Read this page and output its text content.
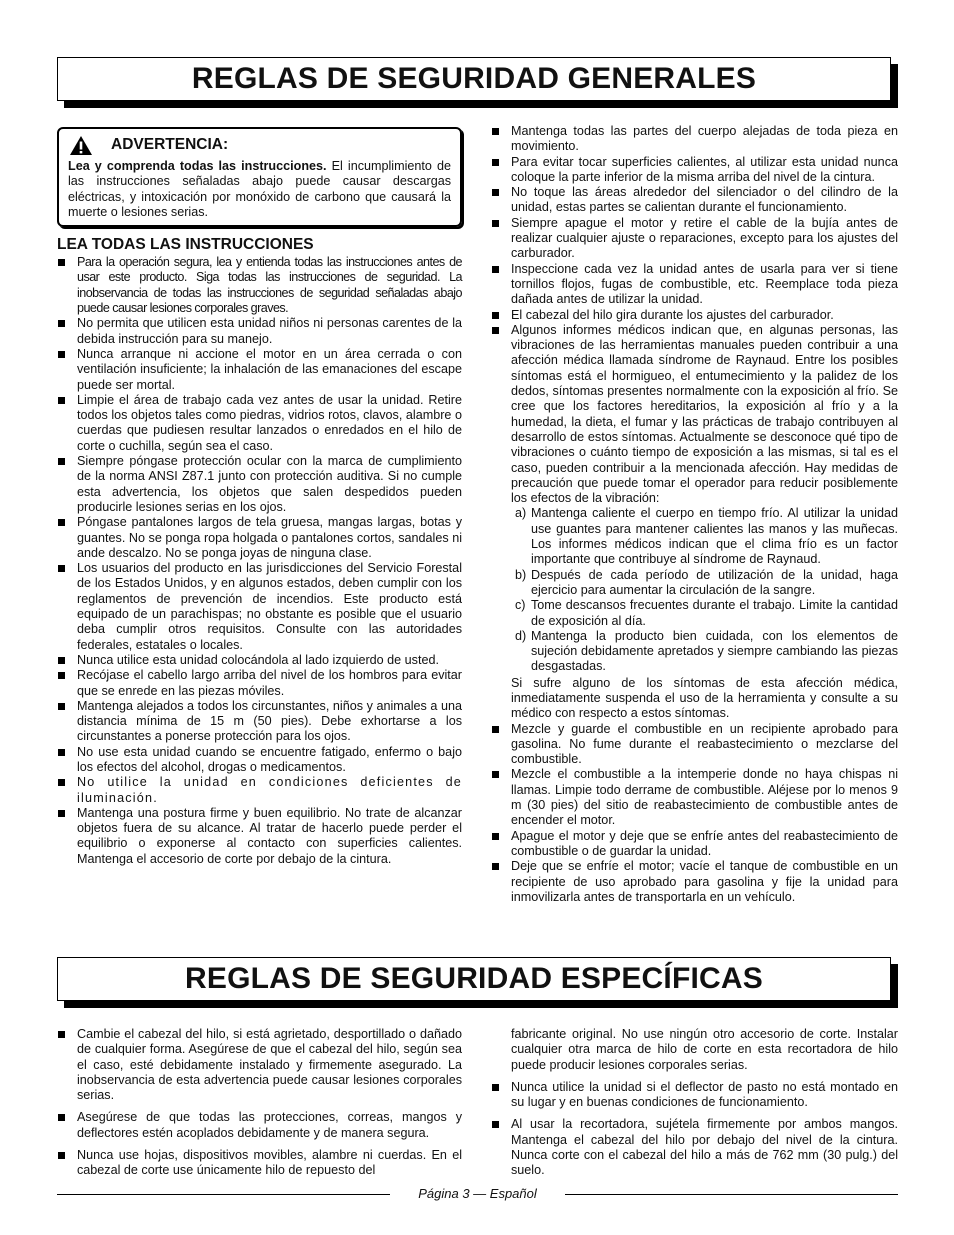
REGLAS DE SEGURIDAD GENERALES
ADVERTENCIA:

Lea y comprenda todas las instrucciones. El incumplimiento de las instrucciones señaladas abajo puede causar descargas eléctricas, y intoxicación por monóxido de carbono que causará la muerte o lesiones serias.

LEA TODAS LAS INSTRUCCIONES
Para la operación segura, lea y entienda todas las instrucciones antes de usar este producto. Siga todas las instrucciones de seguridad. La inobservancia de todas las instrucciones de seguridad señaladas abajo puede causar lesiones corporales graves.
No permita que utilicen esta unidad niños ni personas carentes de la debida instrucción para su manejo.
Nunca arranque ni accione el motor en un área cerrada o con ventilación insuficiente; la inhalación de las emanaciones del escape puede ser mortal.
Limpie el área de trabajo cada vez antes de usar la unidad. Retire todos los objetos tales como piedras, vidrios rotos, clavos, alambre o cuerdas que pudiesen resultar lanzados o enredados en el hilo de corte o cuchilla, según sea el caso.
Siempre póngase protección ocular con la marca de cumplimiento de la norma ANSI Z87.1 junto con protección auditiva. Si no cumple esta advertencia, los objetos que salen despedidos pueden producirle lesiones serias en los ojos.
Póngase pantalones largos de tela gruesa, mangas largas, botas y guantes. No se ponga ropa holgada o pantalones cortos, sandales ni ande descalzo. No se ponga joyas de ninguna clase.
Los usuarios del producto en las jurisdicciones del Servicio Forestal de los Estados Unidos, y en algunos estados, deben cumplir con los reglamentos de prevención de incendios. Este producto está equipado de un parachispas; no obstante es posible que el usuario deba cumplir otros requisitos. Consulte con las autoridades federales, estatales o locales.
Nunca utilice esta unidad colocándola al lado izquierdo de usted.
Recójase el cabello largo arriba del nivel de los hombros para evitar que se enrede en las piezas móviles.
Mantenga alejados a todos los circunstantes, niños y animales a una distancia mínima de 15 m (50 pies). Debe exhortarse a los circunstantes a ponerse protección para los ojos.
No use esta unidad cuando se encuentre fatigado, enfermo o bajo los efectos del alcohol, drogas o medicamentos.
No utilice la unidad en condiciones deficientes de iluminación.
Mantenga una postura firme y buen equilibrio. No trate de alcanzar objetos fuera de su alcance. Al tratar de hacerlo puede perder el equilibrio o exponerse al contacto con superficies calientes. Mantenga el accesorio de corte por debajo de la cintura.
Mantenga todas las partes del cuerpo alejadas de toda pieza en movimiento.
Para evitar tocar superficies calientes, al utilizar esta unidad nunca coloque la parte inferior de la misma arriba del nivel de la cintura.
No toque las áreas alrededor del silenciador o del cilindro de la unidad, estas partes se calientan durante el funcionamiento.
Siempre apague el motor y retire el cable de la bujía antes de realizar cualquier ajuste o reparaciones, excepto para los ajustes del carburador.
Inspeccione cada vez la unidad antes de usarla para ver si tiene tornillos flojos, fugas de combustible, etc. Reemplace toda pieza dañada antes de utilizar la unidad.
El cabezal del hilo gira durante los ajustes del carburador.
Algunos informes médicos indican que, en algunas personas, las vibraciones de las herramientas manuales pueden contribuir a una afección médica llamada síndrome de Raynaud. Entre los posibles síntomas está el hormigueo, el entumecimiento y la palidez de los dedos, síntomas presentes normalmente con la exposición al frío. Se cree que los factores hereditarios, la exposición al frío y a la humedad, la dieta, el fumar y las prácticas de trabajo contribuyen al desarrollo de estos síntomas. Actualmente se desconoce qué tipo de vibraciones o cuánto tiempo de exposición a las mismas, si tal es el caso, pueden contribuir a la mencionada afección. Hay medidas de precaución que puede tomar el operador para reducir posiblemente los efectos de la vibración:
a) Mantenga caliente el cuerpo en tiempo frío. Al utilizar la unidad use guantes para mantener calientes las manos y las muñecas. Los informes médicos indican que el clima frío es un factor importante que contribuye al síndrome de Raynaud.
b) Después de cada período de utilización de la unidad, haga ejercicio para aumentar la circulación de la sangre.
c) Tome descansos frecuentes durante el trabajo. Limite la cantidad de exposición al día.
d) Mantenga la producto bien cuidada, con los elementos de sujeción debidamente apretados y siempre cambiando las piezas desgastadas.
Si sufre alguno de los síntomas de esta afección médica, inmediatamente suspenda el uso de la herramienta y consulte a su médico con respecto a estos síntomas.
Mezcle y guarde el combustible en un recipiente aprobado para gasolina. No fume durante el reabastecimiento o mezclarse del combustible.
Mezcle el combustible a la intemperie donde no haya chispas ni llamas. Limpie todo derrame de combustible. Aléjese por lo menos 9 m (30 pies) del sitio de reabastecimiento de combustible antes de encender el motor.
Apague el motor y deje que se enfríe antes del reabastecimiento de combustible o de guardar la unidad.
Deje que se enfríe el motor; vacíe el tanque de combustible en un recipiente de uso aprobado para gasolina y fije la unidad para inmovilizarla antes de transportarla en un vehículo.
REGLAS DE SEGURIDAD ESPECÍFICAS
Cambie el cabezal del hilo, si está agrietado, desportillado o dañado de cualquier forma. Asegúrese de que el cabezal del hilo, según sea el caso, esté debidamente instalado y firmemente asegurado. La inobservancia de esta advertencia puede causar lesiones corporales serias.
Asegúrese de que todas las protecciones, correas, mangos y deflectores estén acoplados debidamente y de manera segura.
Nunca use hojas, dispositivos movibles, alambre ni cuerdas. En el cabezal de corte use únicamente hilo de repuesto del
fabricante original. No use ningún otro accesorio de corte. Instalar cualquier otra marca de hilo de corte en esta recortadora de hilo puede producir lesiones corporales serias.
Nunca utilice la unidad si el deflector de pasto no está montado en su lugar y en buenas condiciones de funcionamiento.
Al usar la recortadora, sujétela firmemente por ambos mangos. Mantenga el cabezal del hilo por debajo del nivel de la cintura. Nunca corte con el cabezal del hilo a más de 762 mm (30 pulg.) del suelo.
Página 3 — Español
